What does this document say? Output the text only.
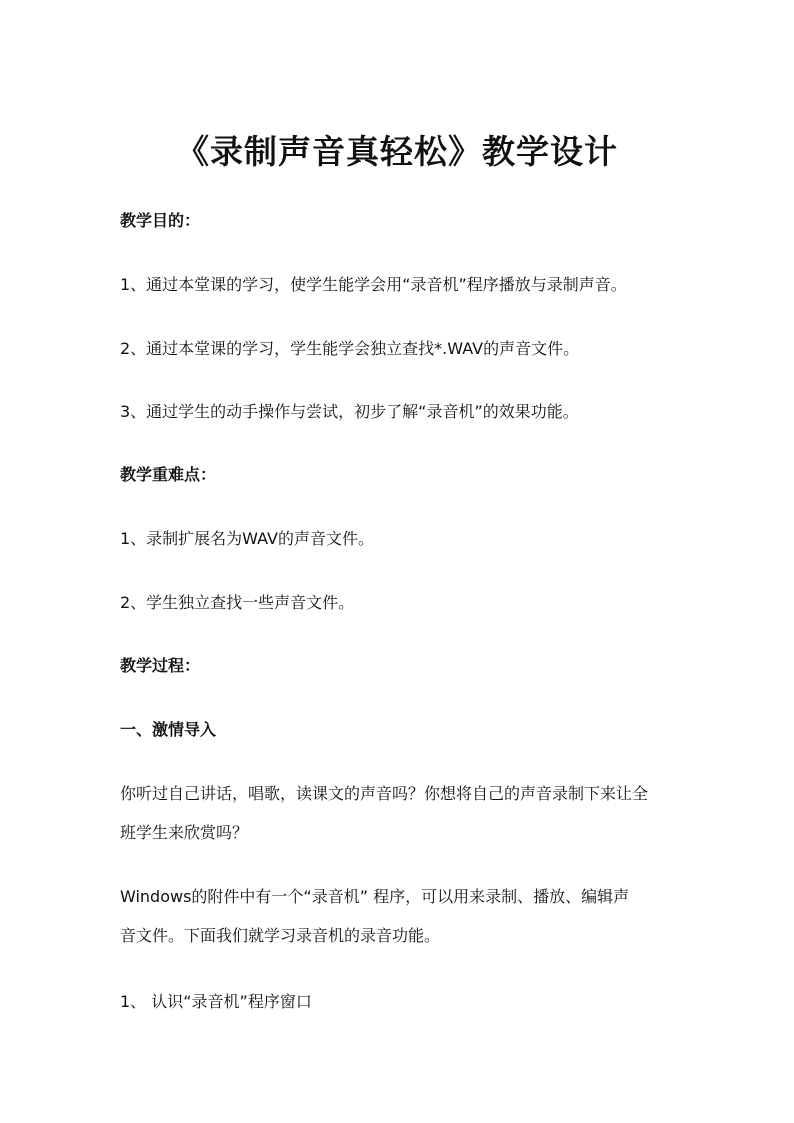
《录制声音真轻松》教学设计
教学目的：
1、通过本堂课的学习，使学生能学会用“录音机”程序播放与录制声音。
2、通过本堂课的学习，学生能学会独立查找*.WAV的声音文件。
3、通过学生的动手操作与尝试，初步了解“录音机”的效果功能。
教学重难点：
1、录制扩展名为WAV的声音文件。
2、学生独立查找一些声音文件。
教学过程：
一、激情导入
你听过自己讲话，唱歌，读课文的声音吗？你想将自己的声音录制下来让全
班学生来欣赏吗？
Windows的附件中有一个“录音机” 程序，可以用来录制、播放、编辑声
音文件。下面我们就学习录音机的录音功能。
1、 认识“录音机”程序窗口
